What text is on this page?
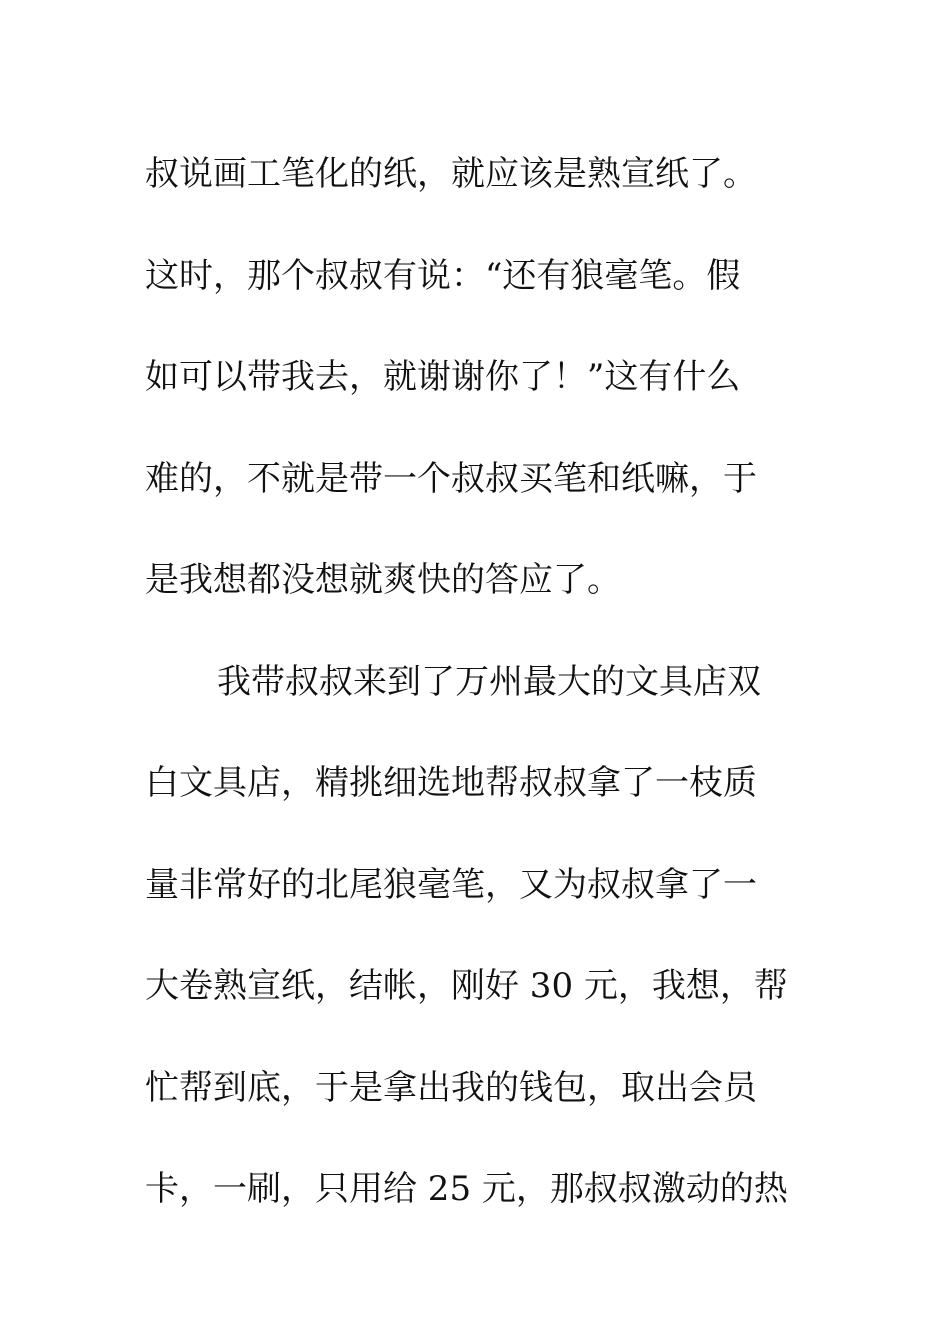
叔说画工笔化的纸，就应该是熟宣纸了。
这时，那个叔叔有说：“还有狼毫笔。假
如可以带我去，就谢谢你了！”这有什么
难的，不就是带一个叔叔买笔和纸嘛，于
是我想都没想就爽快的答应了。
我带叔叔来到了万州最大的文具店双
白文具店，精挑细选地帮叔叔拿了一枝质
量非常好的北尾狼毫笔，又为叔叔拿了一
大卷熟宣纸，结帐，刚好 30 元，我想，帮
忙帮到底，于是拿出我的钱包，取出会员
卡，一刷，只用给 25 元，那叔叔激动的热
